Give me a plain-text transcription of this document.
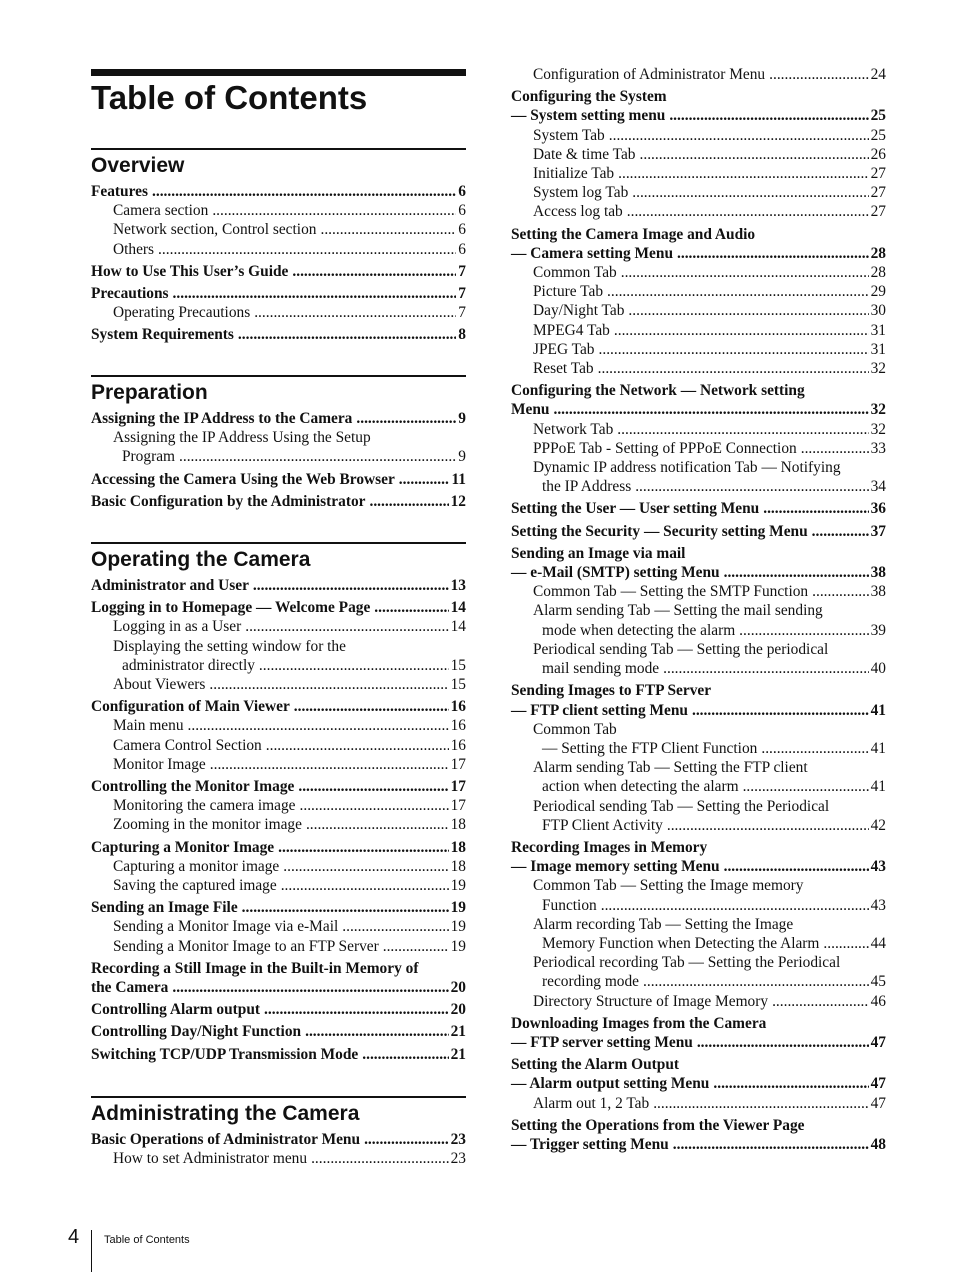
Table of Contents
Overview
Features .....	6
Camera section .....	6
Network section, Control section .....	6
Others .....	6
How to Use This User’s Guide .....	7
Precautions .....	7
Operating Precautions .....	7
System Requirements .....	8
Preparation
Assigning the IP Address to the Camera .....	9
Assigning the IP Address Using the Setup
Program .....	9
Accessing the Camera Using the Web Browser .....	11
Basic Configuration by the Administrator .....	12
Operating the Camera
Administrator and User .....	13
Logging in to Homepage — Welcome Page .....	14
Logging in as a User .....	14
Displaying the setting window for the
administrator directly .....	15
About Viewers .....	15
Configuration of Main Viewer .....	16
Main menu .....	16
Camera Control Section .....	16
Monitor Image .....	17
Controlling the Monitor Image .....	17
Monitoring the camera image .....	17
Zooming in the monitor image .....	18
Capturing a Monitor Image .....	18
Capturing a monitor image .....	18
Saving the captured image .....	19
Sending an Image File .....	19
Sending a Monitor Image via e-Mail .....	19
Sending a Monitor Image to an FTP Server .....	19
Recording a Still Image in the Built-in Memory of
the Camera .....	20
Controlling Alarm output .....	20
Controlling Day/Night Function .....	21
Switching TCP/UDP Transmission Mode .....	21
Administrating the Camera
Basic Operations of Administrator Menu .....	23
How to set Administrator menu .....	23
Configuration of Administrator Menu .....	24
Configuring the System
— System setting menu .....	25
System Tab .....	25
Date & time Tab .....	26
Initialize Tab .....	27
System log Tab .....	27
Access log tab .....	27
Setting the Camera Image and Audio
— Camera setting Menu .....	28
Common Tab .....	28
Picture Tab .....	29
Day/Night Tab .....	30
MPEG4 Tab .....	31
JPEG Tab .....	31
Reset Tab .....	32
Configuring the Network — Network setting
Menu .....	32
Network Tab .....	32
PPPoE Tab - Setting of PPPoE Connection .....	33
Dynamic IP address notification Tab — Notifying
the IP Address .....	34
Setting the User — User setting Menu .....	36
Setting the Security — Security setting Menu .....	37
Sending an Image via mail
— e-Mail (SMTP) setting Menu .....	38
Common Tab — Setting the SMTP Function .....	38
Alarm sending Tab — Setting the mail sending
mode when detecting the alarm .....	39
Periodical sending Tab — Setting the periodical
mail sending mode .....	40
Sending Images to FTP Server
— FTP client setting Menu .....	41
Common Tab
— Setting the FTP Client Function .....	41
Alarm sending Tab — Setting the FTP client
action when detecting the alarm .....	41
Periodical sending Tab — Setting the Periodical
FTP Client Activity .....	42
Recording Images in Memory
— Image memory setting Menu .....	43
Common Tab — Setting the Image memory
Function .....	43
Alarm recording Tab — Setting the Image
Memory Function when Detecting the Alarm .....	44
Periodical recording Tab — Setting the Periodical
recording mode .....	45
Directory Structure of Image Memory .....	46
Downloading Images from the Camera
— FTP server setting Menu .....	47
Setting the Alarm Output
— Alarm output setting Menu .....	47
Alarm out 1, 2 Tab .....	47
Setting the Operations from the Viewer Page
— Trigger setting Menu .....	48
4 Table of Contents
